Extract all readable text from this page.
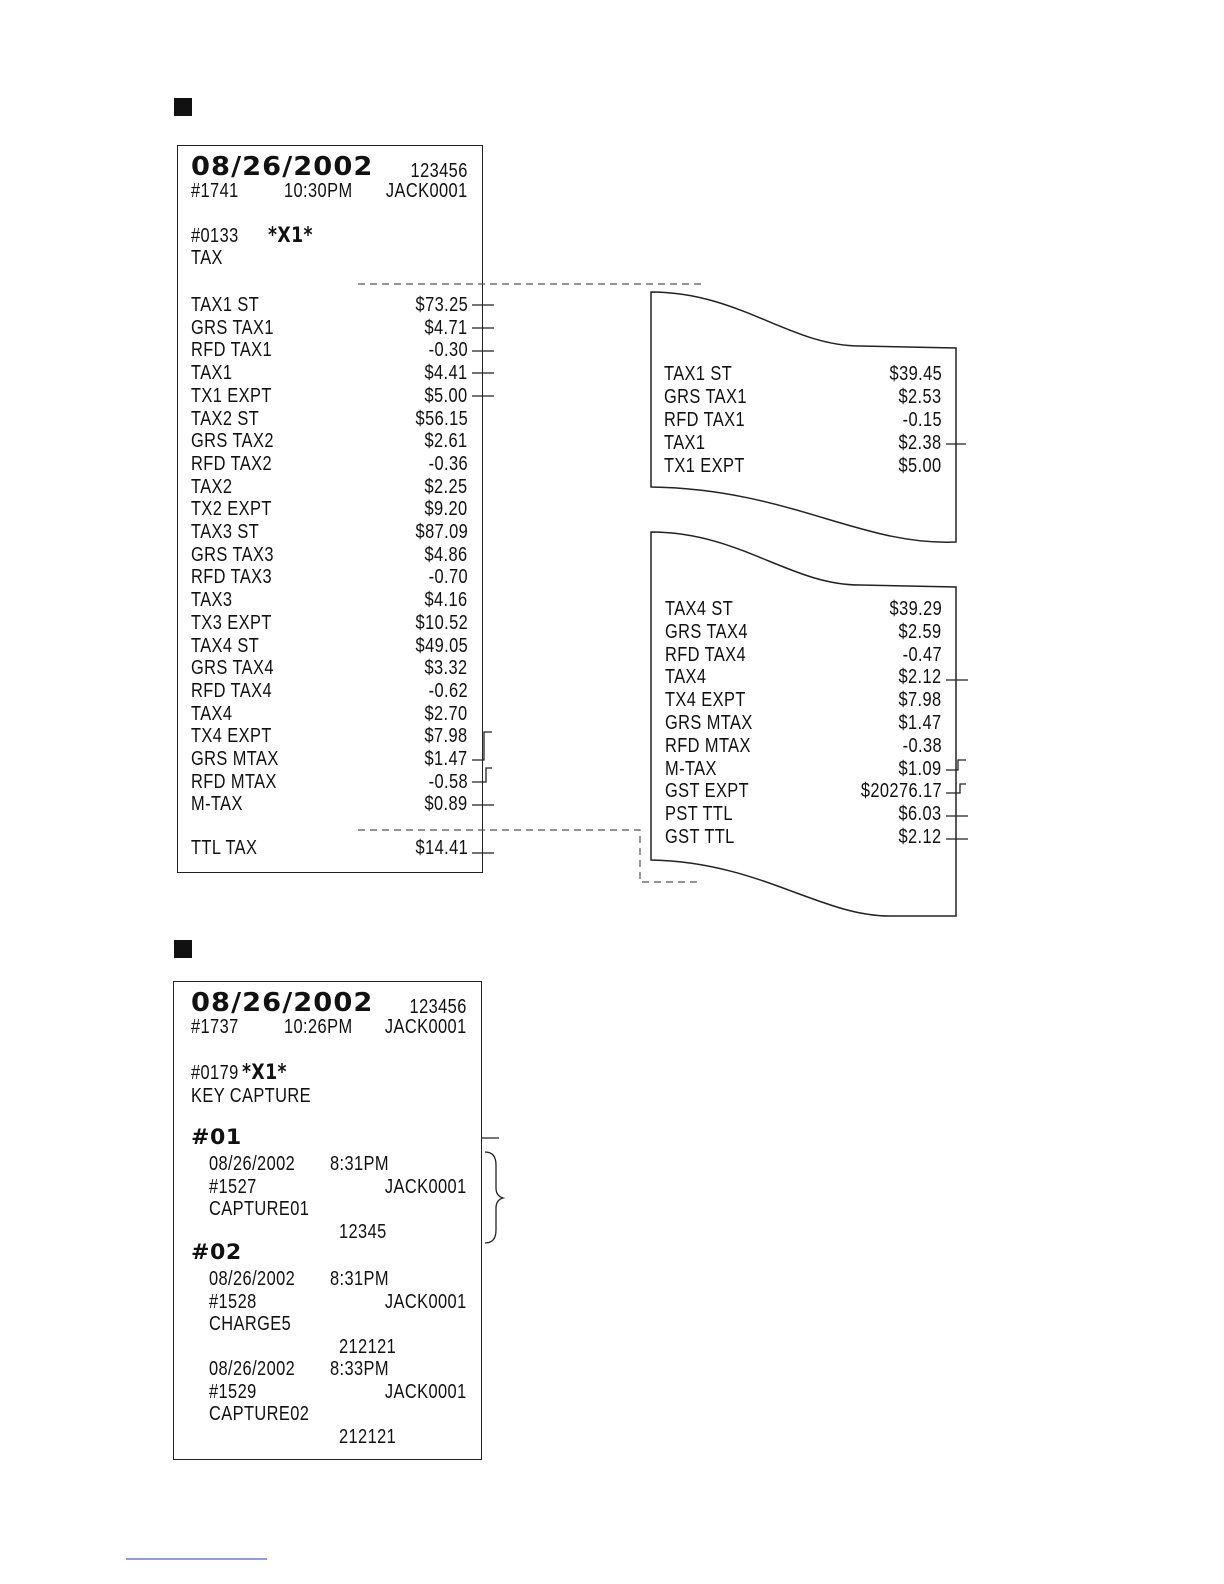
08/26/2002 123456
#1741 10:30PM JACK0001
#0133 *X1*
TAX
TAX1 ST	$73.25
GRS TAX1	$4.71
RFD TAX1	-0.30
TAX1	$4.41
TX1 EXPT	$5.00
TAX2 ST	$56.15
GRS TAX2	$2.61
RFD TAX2	-0.36
TAX2	$2.25
TX2 EXPT	$9.20
TAX3 ST	$87.09
GRS TAX3	$4.86
RFD TAX3	-0.70
TAX3	$4.16
TX3 EXPT	$10.52
TAX4 ST	$49.05
GRS TAX4	$3.32
RFD TAX4	-0.62
TAX4	$2.70
TX4 EXPT	$7.98
GRS MTAX	$1.47
RFD MTAX	-0.58
M-TAX	$0.89
TTL TAX	$14.41
TAX1 ST	$39.45
GRS TAX1	$2.53
RFD TAX1	-0.15
TAX1	$2.38
TX1 EXPT	$5.00
TAX4 ST	$39.29
GRS TAX4	$2.59
RFD TAX4	-0.47
TAX4	$2.12
TX4 EXPT	$7.98
GRS MTAX	$1.47
RFD MTAX	-0.38
M-TAX	$1.09
GST EXPT	$20276.17
PST TTL	$6.03
GST TTL	$2.12
08/26/2002 123456
#1737 10:26PM JACK0001
#0179 *X1*
KEY CAPTURE
#01
08/26/2002 8:31PM
#1527	JACK0001
CAPTURE01
12345
#02
08/26/2002 8:31PM
#1528	JACK0001
CHARGE5
212121
08/26/2002 8:33PM
#1529	JACK0001
CAPTURE02
212121
